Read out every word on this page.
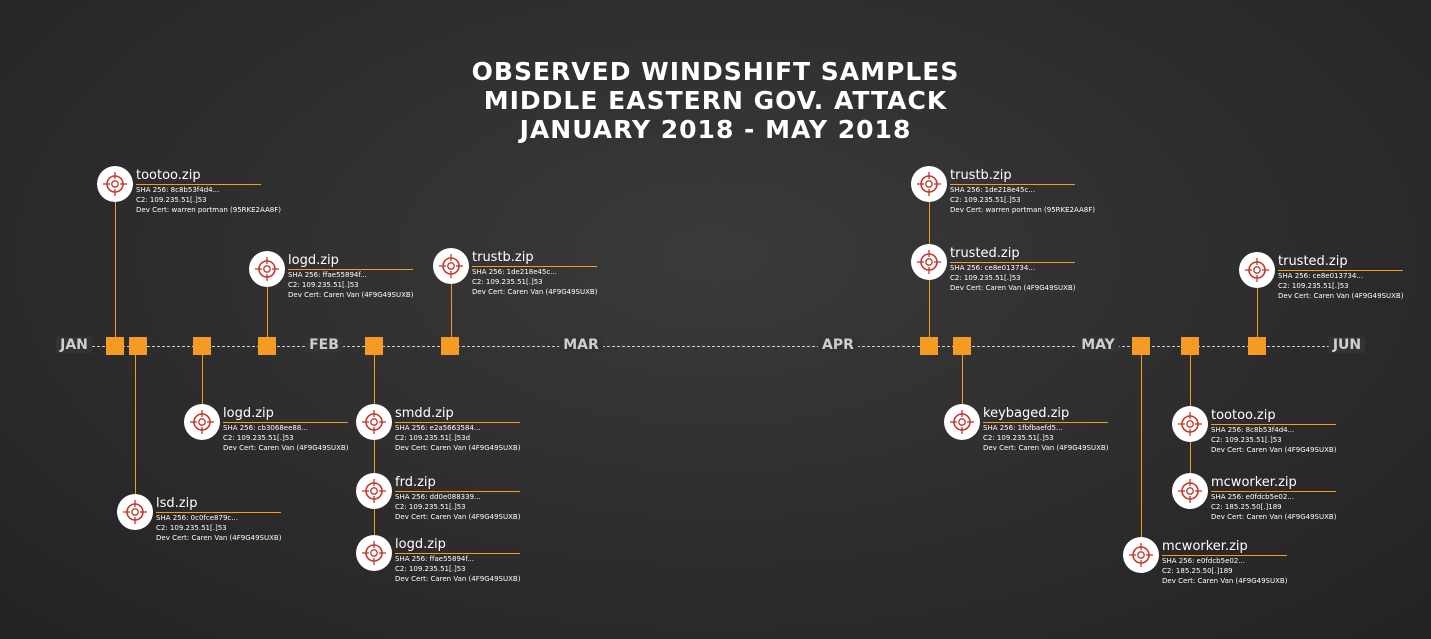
OBSERVED WINDSHIFT SAMPLES
MIDDLE EASTERN GOV. ATTACK
JANUARY 2018 - MAY 2018
JAN	FEB	MAR	APR	MAY	JUN
tootoo.zip
SHA 256: 8c8b53f4d4...
C2: 109.235.51[.]53
Dev Cert: warren portman (95RKE2AA8F)
lsd.zip
SHA 256: 0c0fce879c...
C2: 109.235.51[.]53
Dev Cert: Caren Van (4F9G49SUXB)
logd.zip
SHA 256: cb3068ee88...
C2: 109.235.51[.]53
Dev Cert: Caren Van (4F9G49SUXB)
logd.zip
SHA 256: ffae55894f...
C2: 109.235.51[.]53
Dev Cert: Caren Van (4F9G49SUXB)
smdd.zip
SHA 256: e2a5663584...
C2: 109.235.51[.]53d
Dev Cert: Caren Van (4F9G49SUXB)
frd.zip
SHA 256: dd0e088339...
C2: 109.235.51[.]53
Dev Cert: Caren Van (4F9G49SUXB)
logd.zip
SHA 256: ffae55894f...
C2: 109.235.51[.]53
Dev Cert: Caren Van (4F9G49SUXB)
trustb.zip
SHA 256: 1de218e45c...
C2: 109.235.51[.]53
Dev Cert: Caren Van (4F9G49SUXB)
trustb.zip
SHA 256: 1de218e45c...
C2: 109.235.51[.]53
Dev Cert: warren portman (95RKE2AA8F)
trusted.zip
SHA 256: ce8e013734...
C2: 109.235.51[.]53
Dev Cert: Caren Van (4F9G49SUXB)
keybaged.zip
SHA 256: 1fbfbaefd5...
C2: 109.235.51[.]53
Dev Cert: Caren Van (4F9G49SUXB)
mcworker.zip
SHA 256: e0fdcb5e02...
C2: 185.25.50[.]189
Dev Cert: Caren Van (4F9G49SUXB)
tootoo.zip
SHA 256: 8c8b53f4d4...
C2: 109.235.51[.]53
Dev Cert: Caren Van (4F9G49SUXB)
mcworker.zip
SHA 256: e0fdcb5e02...
C2: 185.25.50[.]189
Dev Cert: Caren Van (4F9G49SUXB)
trusted.zip
SHA 256: ce8e013734...
C2: 109.235.51[.]53
Dev Cert: Caren Van (4F9G49SUXB)
